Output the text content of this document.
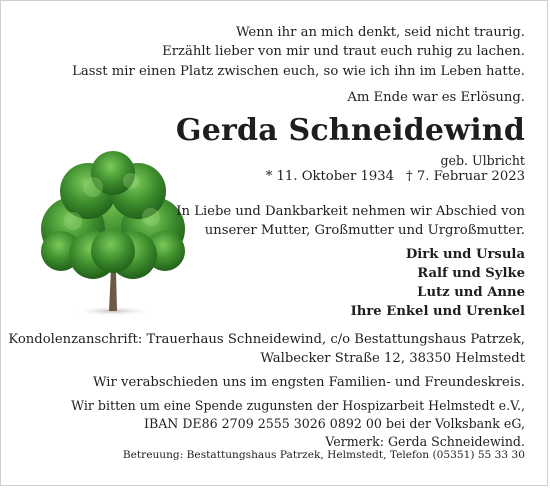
Wenn ihr an mich denkt, seid nicht traurig.
Erzählt lieber von mir und traut euch ruhig zu lachen.
Lasst mir einen Platz zwischen euch, so wie ich ihn im Leben hatte.
Am Ende war es Erlösung.
Gerda Schneidewind
geb. Ulbricht
* 11. Oktober 1934 † 7. Februar 2023
In Liebe und Dankbarkeit nehmen wir Abschied von
unserer Mutter, Großmutter und Urgroßmutter.
Dirk und Ursula
Ralf und Sylke
Lutz und Anne
Ihre Enkel und Urenkel
Kondolenzanschrift: Trauerhaus Schneidewind, c/o Bestattungshaus Patrzek,
Walbecker Straße 12, 38350 Helmstedt
Wir verabschieden uns im engsten Familien- und Freundeskreis.
Wir bitten um eine Spende zugunsten der Hospizarbeit Helmstedt e.V.,
IBAN DE86 2709 2555 3026 0892 00 bei der Volksbank eG,
Vermerk: Gerda Schneidewind.
Betreuung: Bestattungshaus Patrzek, Helmstedt, Telefon (05351) 55 33 30
